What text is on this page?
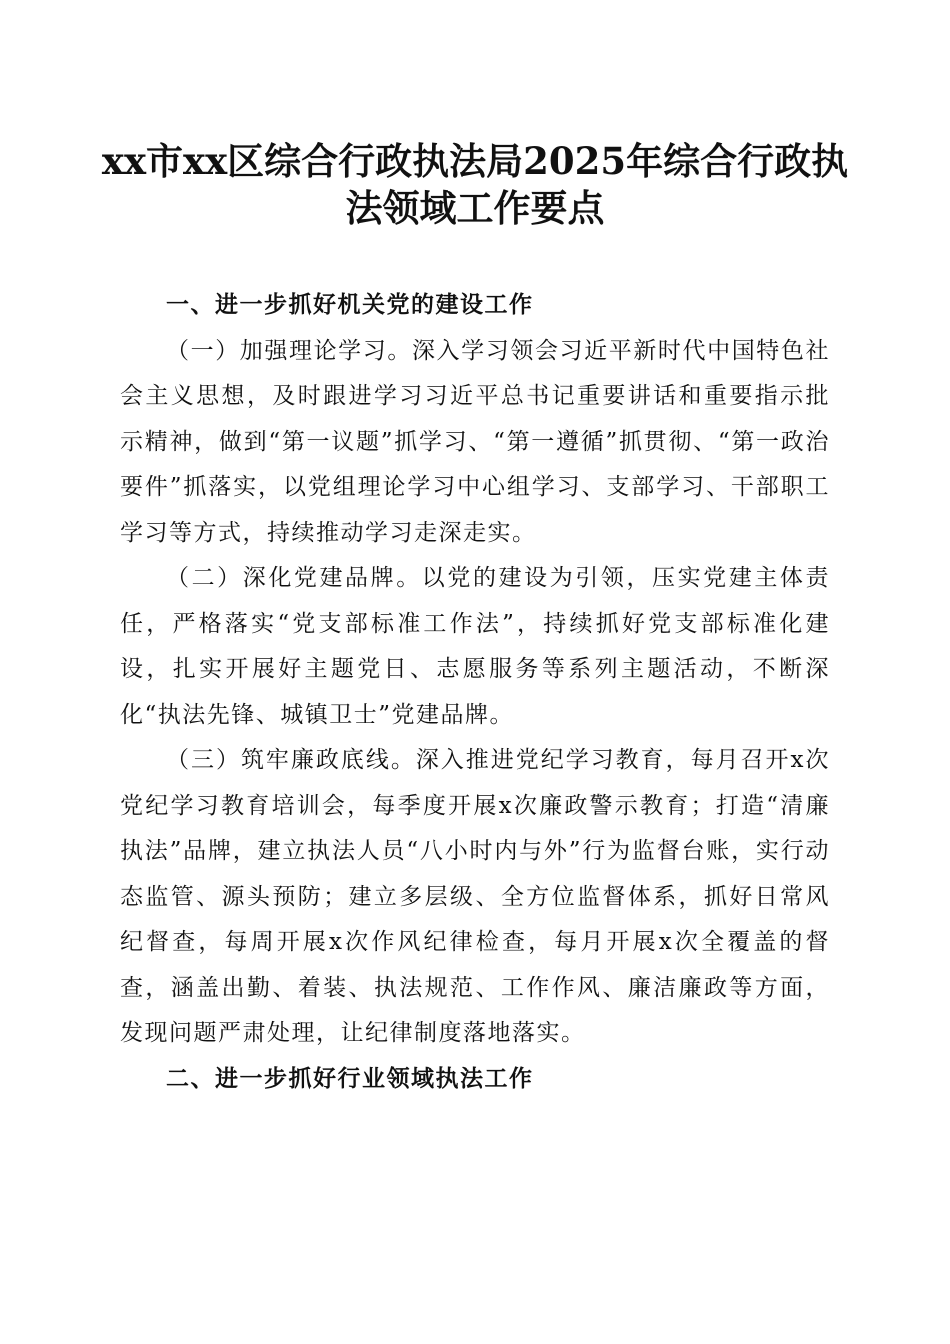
xx市xx区综合行政执法局2025年综合行政执
法领域工作要点

一、进一步抓好机关党的建设工作

（一）加强理论学习。深入学习领会习近平新时代中国特色社会主义思想，及时跟进学习习近平总书记重要讲话和重要指示批示精神，做到“第一议题”抓学习、“第一遵循”抓贯彻、“第一政治要件”抓落实，以党组理论学习中心组学习、支部学习、干部职工学习等方式，持续推动学习走深走实。

（二）深化党建品牌。以党的建设为引领，压实党建主体责任，严格落实“党支部标准工作法”，持续抓好党支部标准化建设，扎实开展好主题党日、志愿服务等系列主题活动，不断深化“执法先锋、城镇卫士”党建品牌。

（三）筑牢廉政底线。深入推进党纪学习教育，每月召开x次党纪学习教育培训会，每季度开展x次廉政警示教育；打造“清廉执法”品牌，建立执法人员“八小时内与外”行为监督台账，实行动态监管、源头预防；建立多层级、全方位监督体系，抓好日常风纪督查，每周开展x次作风纪律检查，每月开展x次全覆盖的督查，涵盖出勤、着装、执法规范、工作作风、廉洁廉政等方面，发现问题严肃处理，让纪律制度落地落实。

二、进一步抓好行业领域执法工作
